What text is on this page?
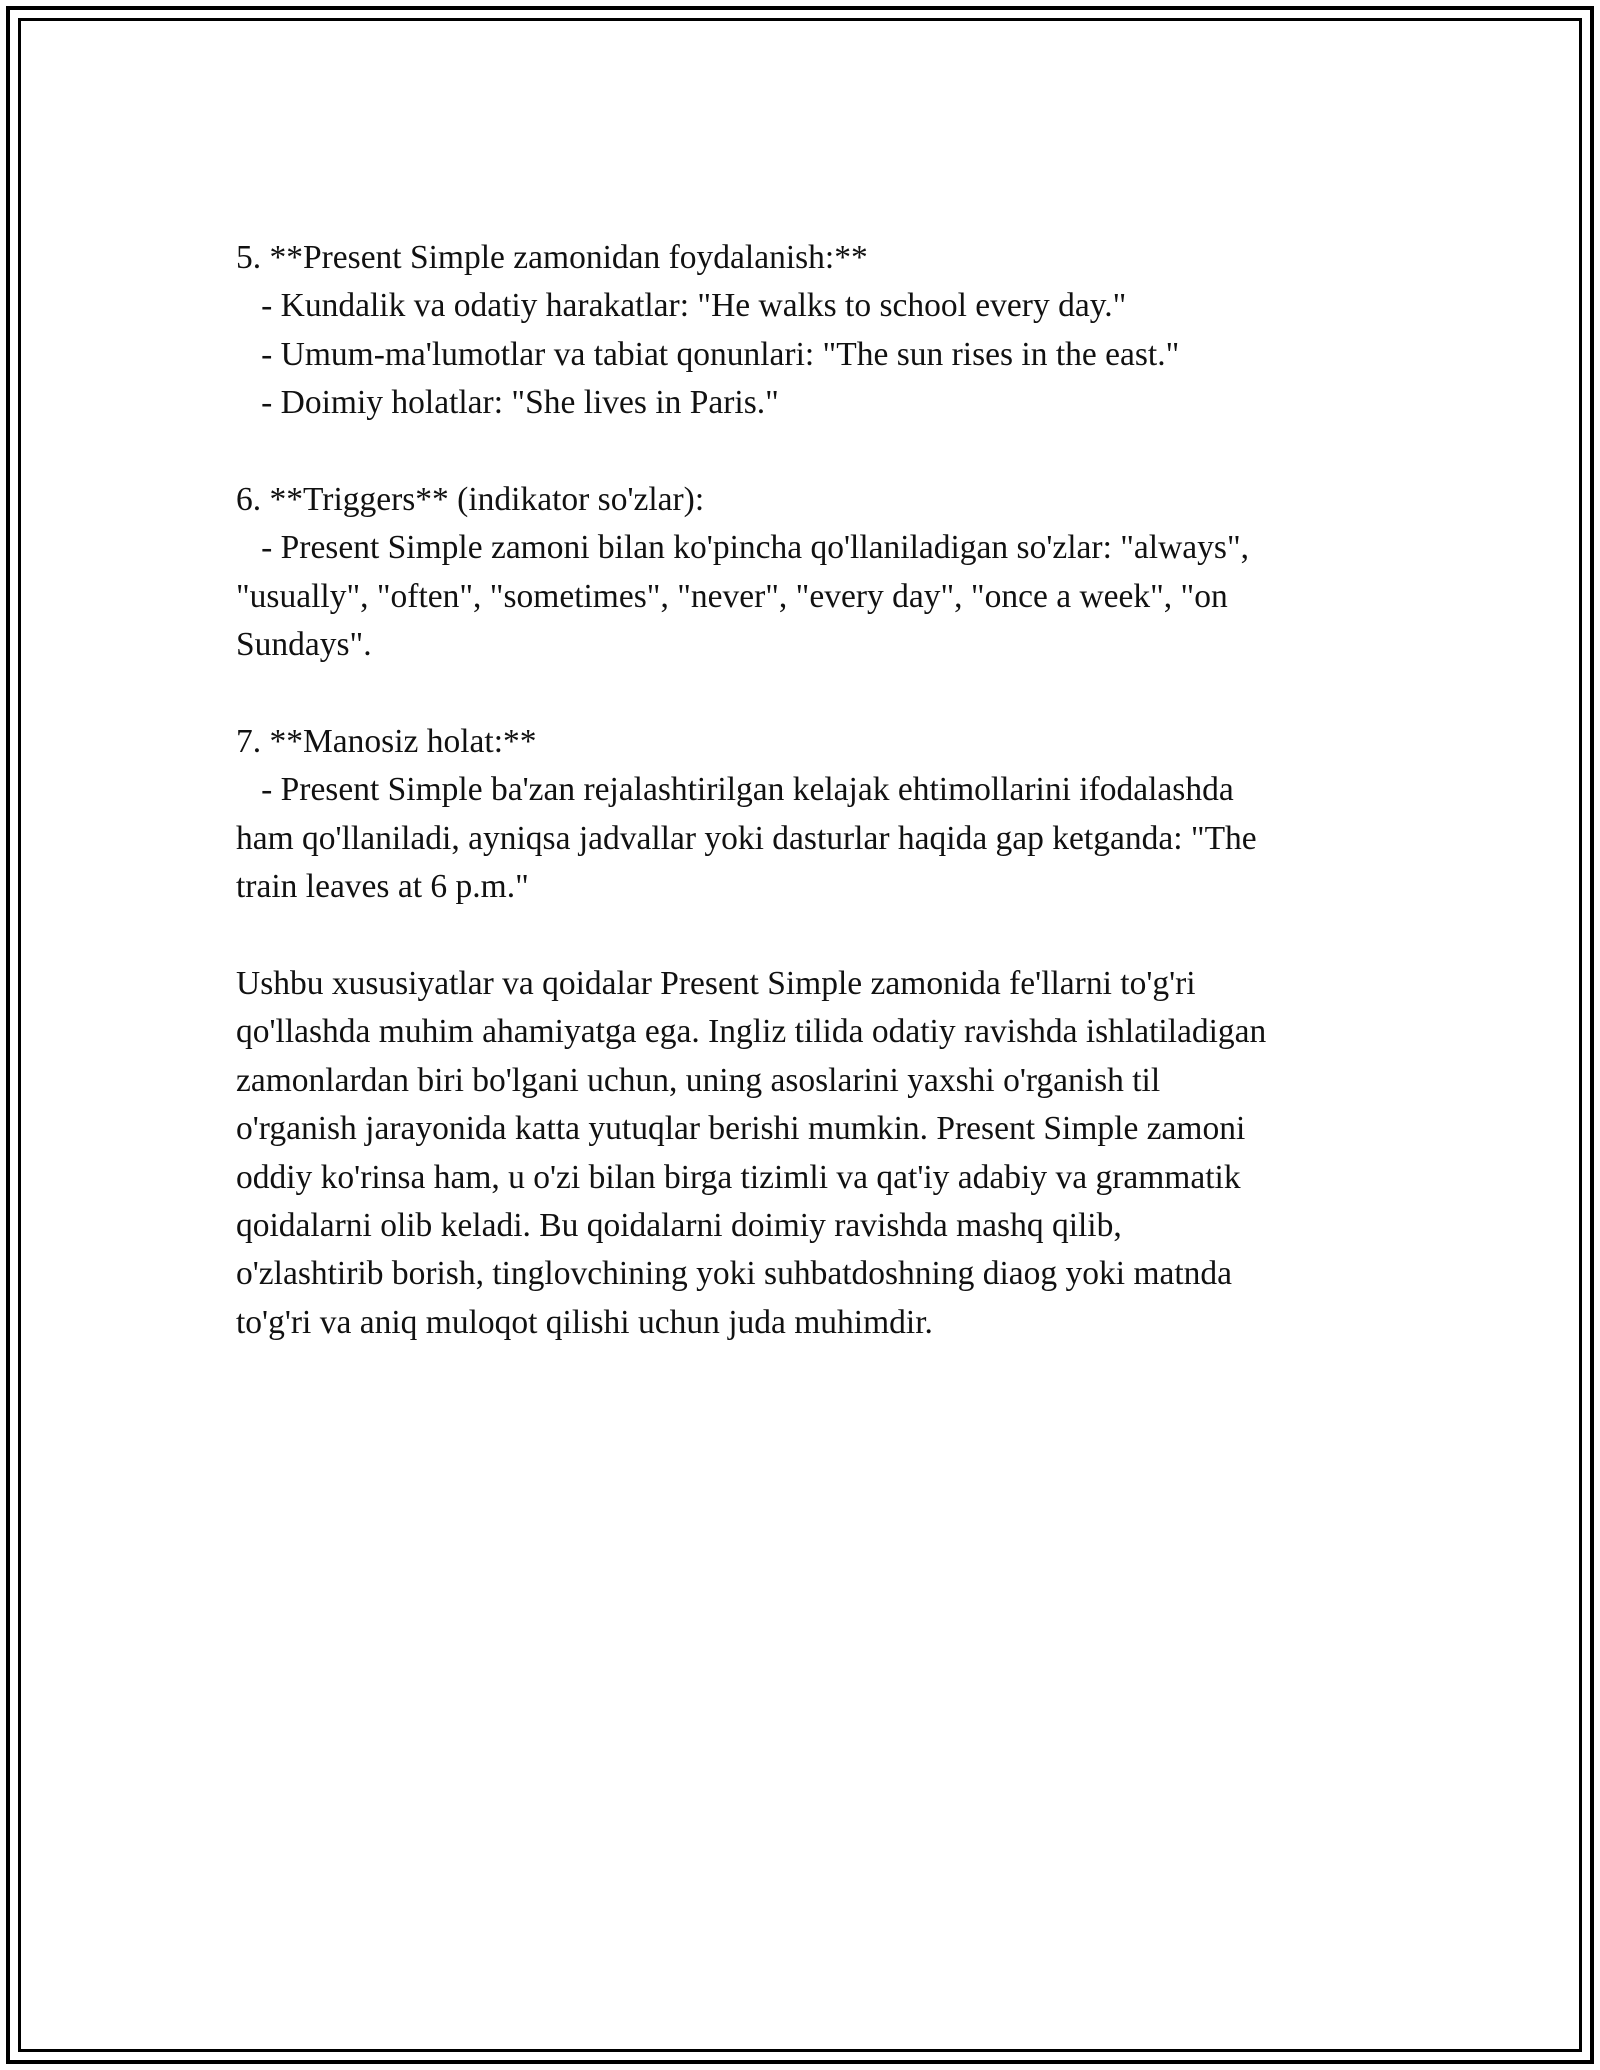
5. **Present Simple zamonidan foydalanish:**

- Kundalik va odatiy harakatlar: "He walks to school every day."

- Umum-ma'lumotlar va tabiat qonunlari: "The sun rises in the east."

- Doimiy holatlar: "She lives in Paris."

6. **Triggers** (indikator so'zlar):

- Present Simple zamoni bilan ko'pincha qo'llaniladigan so'zlar: "always",

"usually", "often", "sometimes", "never", "every day", "once a week", "on

Sundays".

7. **Manosiz holat:**

- Present Simple ba'zan rejalashtirilgan kelajak ehtimollarini ifodalashda

ham qo'llaniladi, ayniqsa jadvallar yoki dasturlar haqida gap ketganda: "The

train leaves at 6 p.m."

Ushbu xususiyatlar va qoidalar Present Simple zamonida fe'llarni to'g'ri

qo'llashda muhim ahamiyatga ega. Ingliz tilida odatiy ravishda ishlatiladigan

zamonlardan biri bo'lgani uchun, uning asoslarini yaxshi o'rganish til

o'rganish jarayonida katta yutuqlar berishi mumkin. Present Simple zamoni

oddiy ko'rinsa ham, u o'zi bilan birga tizimli va qat'iy adabiy va grammatik

qoidalarni olib keladi. Bu qoidalarni doimiy ravishda mashq qilib,

o'zlashtirib borish, tinglovchining yoki suhbatdoshning diaog yoki matnda

to'g'ri va aniq muloqot qilishi uchun juda muhimdir.
